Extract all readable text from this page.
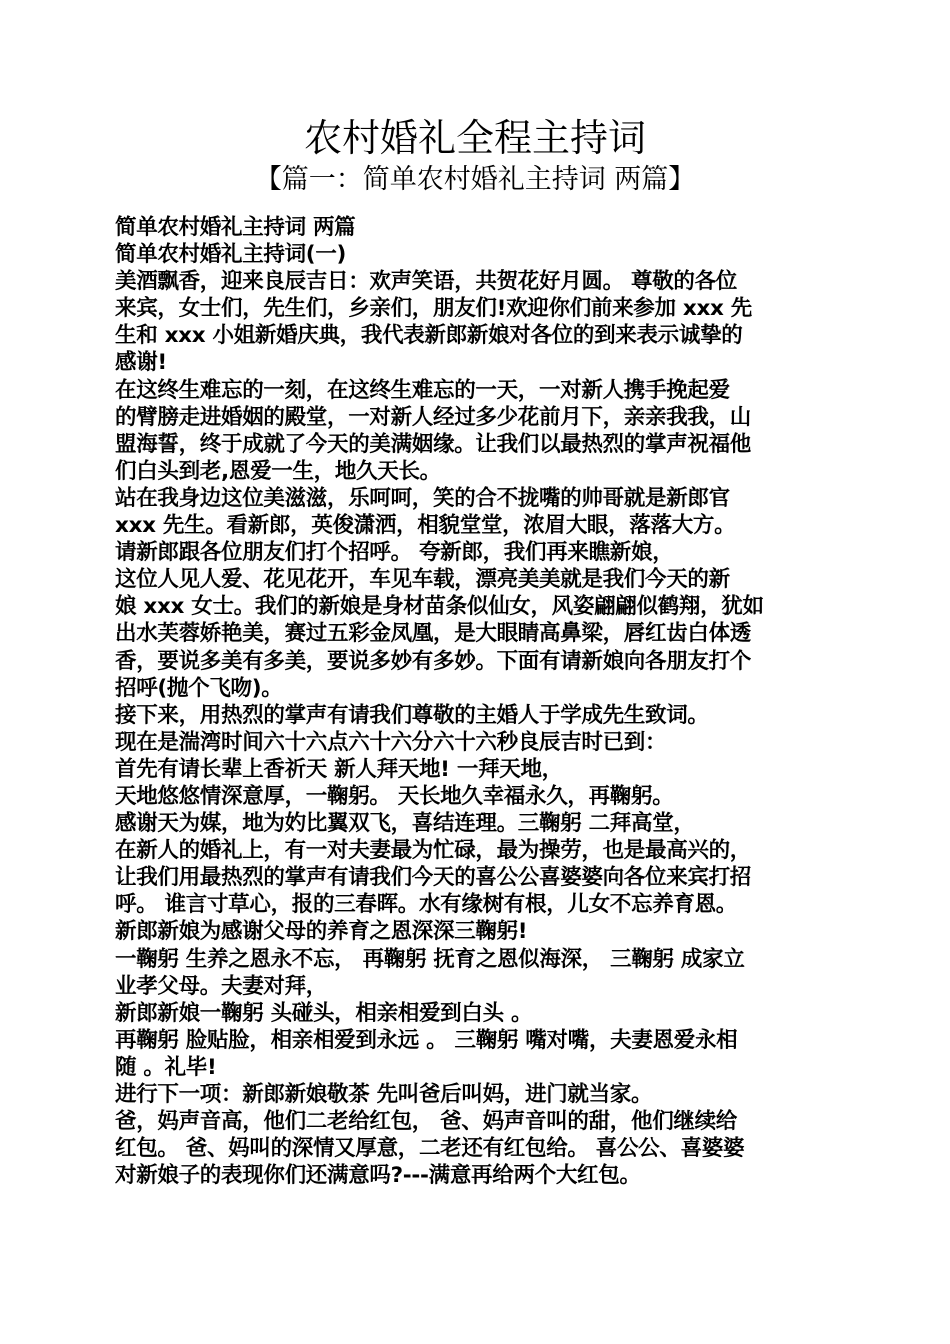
农村婚礼全程主持词
【篇一：简单农村婚礼主持词 两篇】
简单农村婚礼主持词 两篇
简单农村婚礼主持词(一)
美酒飘香，迎来良辰吉日：欢声笑语，共贺花好月圆。 尊敬的各位
来宾，女士们，先生们，乡亲们，朋友们!欢迎你们前来参加 xxx 先
生和 xxx 小姐新婚庆典，我代表新郎新娘对各位的到来表示诚挚的
感谢!
在这终生难忘的一刻，在这终生难忘的一天，一对新人携手挽起爱
的臂膀走进婚姻的殿堂，一对新人经过多少花前月下，亲亲我我，山
盟海誓，终于成就了今天的美满姻缘。让我们以最热烈的掌声祝福他
们白头到老,恩爱一生，地久天长。
站在我身边这位美滋滋，乐呵呵，笑的合不拢嘴的帅哥就是新郎官
xxx 先生。看新郎，英俊潇洒，相貌堂堂，浓眉大眼，落落大方。
请新郎跟各位朋友们打个招呼。 夸新郎，我们再来瞧新娘，
这位人见人爱、花见花开，车见车载，漂亮美美就是我们今天的新
娘 xxx 女士。我们的新娘是身材苗条似仙女，风姿翩翩似鹤翔，犹如
出水芙蓉娇艳美，赛过五彩金凤凰，是大眼睛高鼻梁，唇红齿白体透
香，要说多美有多美，要说多妙有多妙。下面有请新娘向各朋友打个
招呼(抛个飞吻)。
接下来，用热烈的掌声有请我们尊敬的主婚人于学成先生致词。
现在是湍湾时间六十六点六十六分六十六秒良辰吉时已到：
首先有请长辈上香祈天 新人拜天地! 一拜天地，
天地悠悠情深意厚，一鞠躬。 天长地久幸福永久，再鞠躬。
感谢天为媒，地为妁比翼双飞，喜结连理。三鞠躬 二拜高堂，
在新人的婚礼上，有一对夫妻最为忙碌，最为操劳，也是最高兴的，
让我们用最热烈的掌声有请我们今天的喜公公喜婆婆向各位来宾打招
呼。 谁言寸草心，报的三春晖。水有缘树有根，儿女不忘养育恩。
新郎新娘为感谢父母的养育之恩深深三鞠躬!
一鞠躬 生养之恩永不忘， 再鞠躬 抚育之恩似海深， 三鞠躬 成家立
业孝父母。夫妻对拜，
新郎新娘一鞠躬 头碰头，相亲相爱到白头 。
再鞠躬 脸贴脸，相亲相爱到永远 。 三鞠躬 嘴对嘴，夫妻恩爱永相
随 。礼毕!
进行下一项：新郎新娘敬茶 先叫爸后叫妈，进门就当家。
爸，妈声音高，他们二老给红包， 爸、妈声音叫的甜，他们继续给
红包。 爸、妈叫的深情又厚意，二老还有红包给。 喜公公、喜婆婆
对新娘子的表现你们还满意吗?---满意再给两个大红包。
